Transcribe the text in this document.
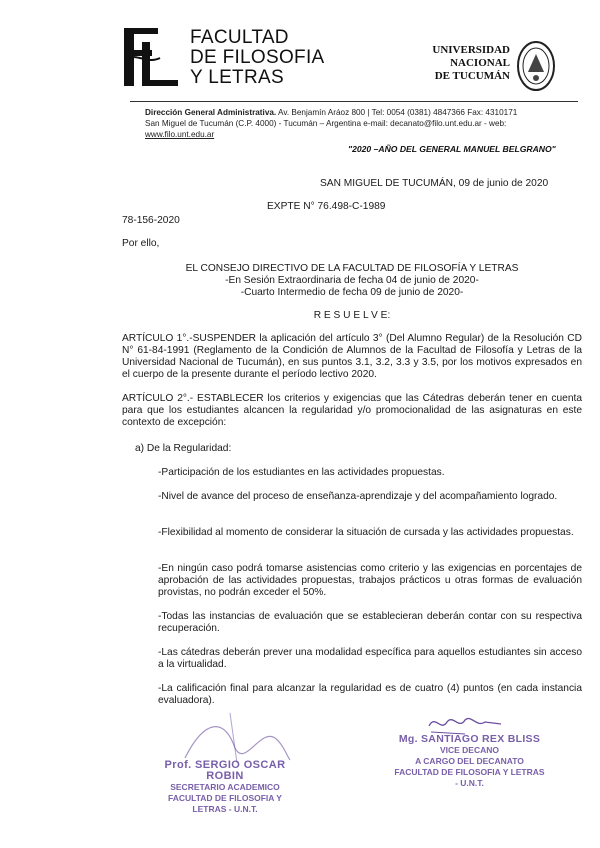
FACULTAD
DE FILOSOFIA
Y LETRAS
UNIVERSIDAD
NACIONAL
DE TUCUMÁN
Dirección General Administrativa. Av. Benjamín Aráoz 800 | Tel: 0054 (0381) 4847366 Fax: 4310171
San Miguel de Tucumán (C.P. 4000) - Tucumán – Argentina e-mail: decanato@filo.unt.edu.ar - web:
www.filo.unt.edu.ar
"2020 –AÑO DEL GENERAL MANUEL BELGRANO"
SAN MIGUEL DE TUCUMÁN, 09 de junio de 2020
EXPTE N° 76.498-C-1989
78-156-2020
Por ello,
EL CONSEJO DIRECTIVO DE LA FACULTAD DE FILOSOFÍA Y LETRAS
-En Sesión Extraordinaria de fecha 04 de junio de 2020-
-Cuarto Intermedio de fecha 09 de junio de 2020-
R E S U E L V E:
ARTÍCULO 1°.-SUSPENDER la aplicación del artículo 3° (Del Alumno Regular) de la Resolución CD N° 61-84-1991 (Reglamento de la Condición de Alumnos de la Facultad de Filosofía y Letras de la Universidad Nacional de Tucumán), en sus puntos 3.1, 3.2, 3.3 y 3.5, por los motivos expresados en el cuerpo de la presente durante el período lectivo 2020.
ARTÍCULO 2°.- ESTABLECER los criterios y exigencias que las Cátedras deberán tener en cuenta para que los estudiantes alcancen la regularidad y/o promocionalidad de las asignaturas en este contexto de excepción:
a) De la Regularidad:
-Participación de los estudiantes en las actividades propuestas.
-Nivel de avance del proceso de enseñanza-aprendizaje y del acompañamiento logrado.
-Flexibilidad al momento de considerar la situación de cursada y las actividades propuestas.
-En ningún caso podrá tomarse asistencias como criterio y las exigencias en porcentajes de aprobación de las actividades propuestas, trabajos prácticos u otras formas de evaluación provistas, no podrán exceder el 50%.
-Todas las instancias de evaluación que se establecieran deberán contar con su respectiva recuperación.
-Las cátedras deberán prever una modalidad específica para aquellos estudiantes sin acceso a la virtualidad.
-La calificación final para alcanzar la regularidad es de cuatro (4) puntos (en cada instancia evaluadora).
Prof. SERGIO OSCAR ROBIN
SECRETARIO ACADEMICO
FACULTAD DE FILOSOFIA Y LETRAS - U.N.T.
Mg. SANTIAGO REX BLISS
VICE DECANO
A CARGO DEL DECANATO
FACULTAD DE FILOSOFIA Y LETRAS - U.N.T.
